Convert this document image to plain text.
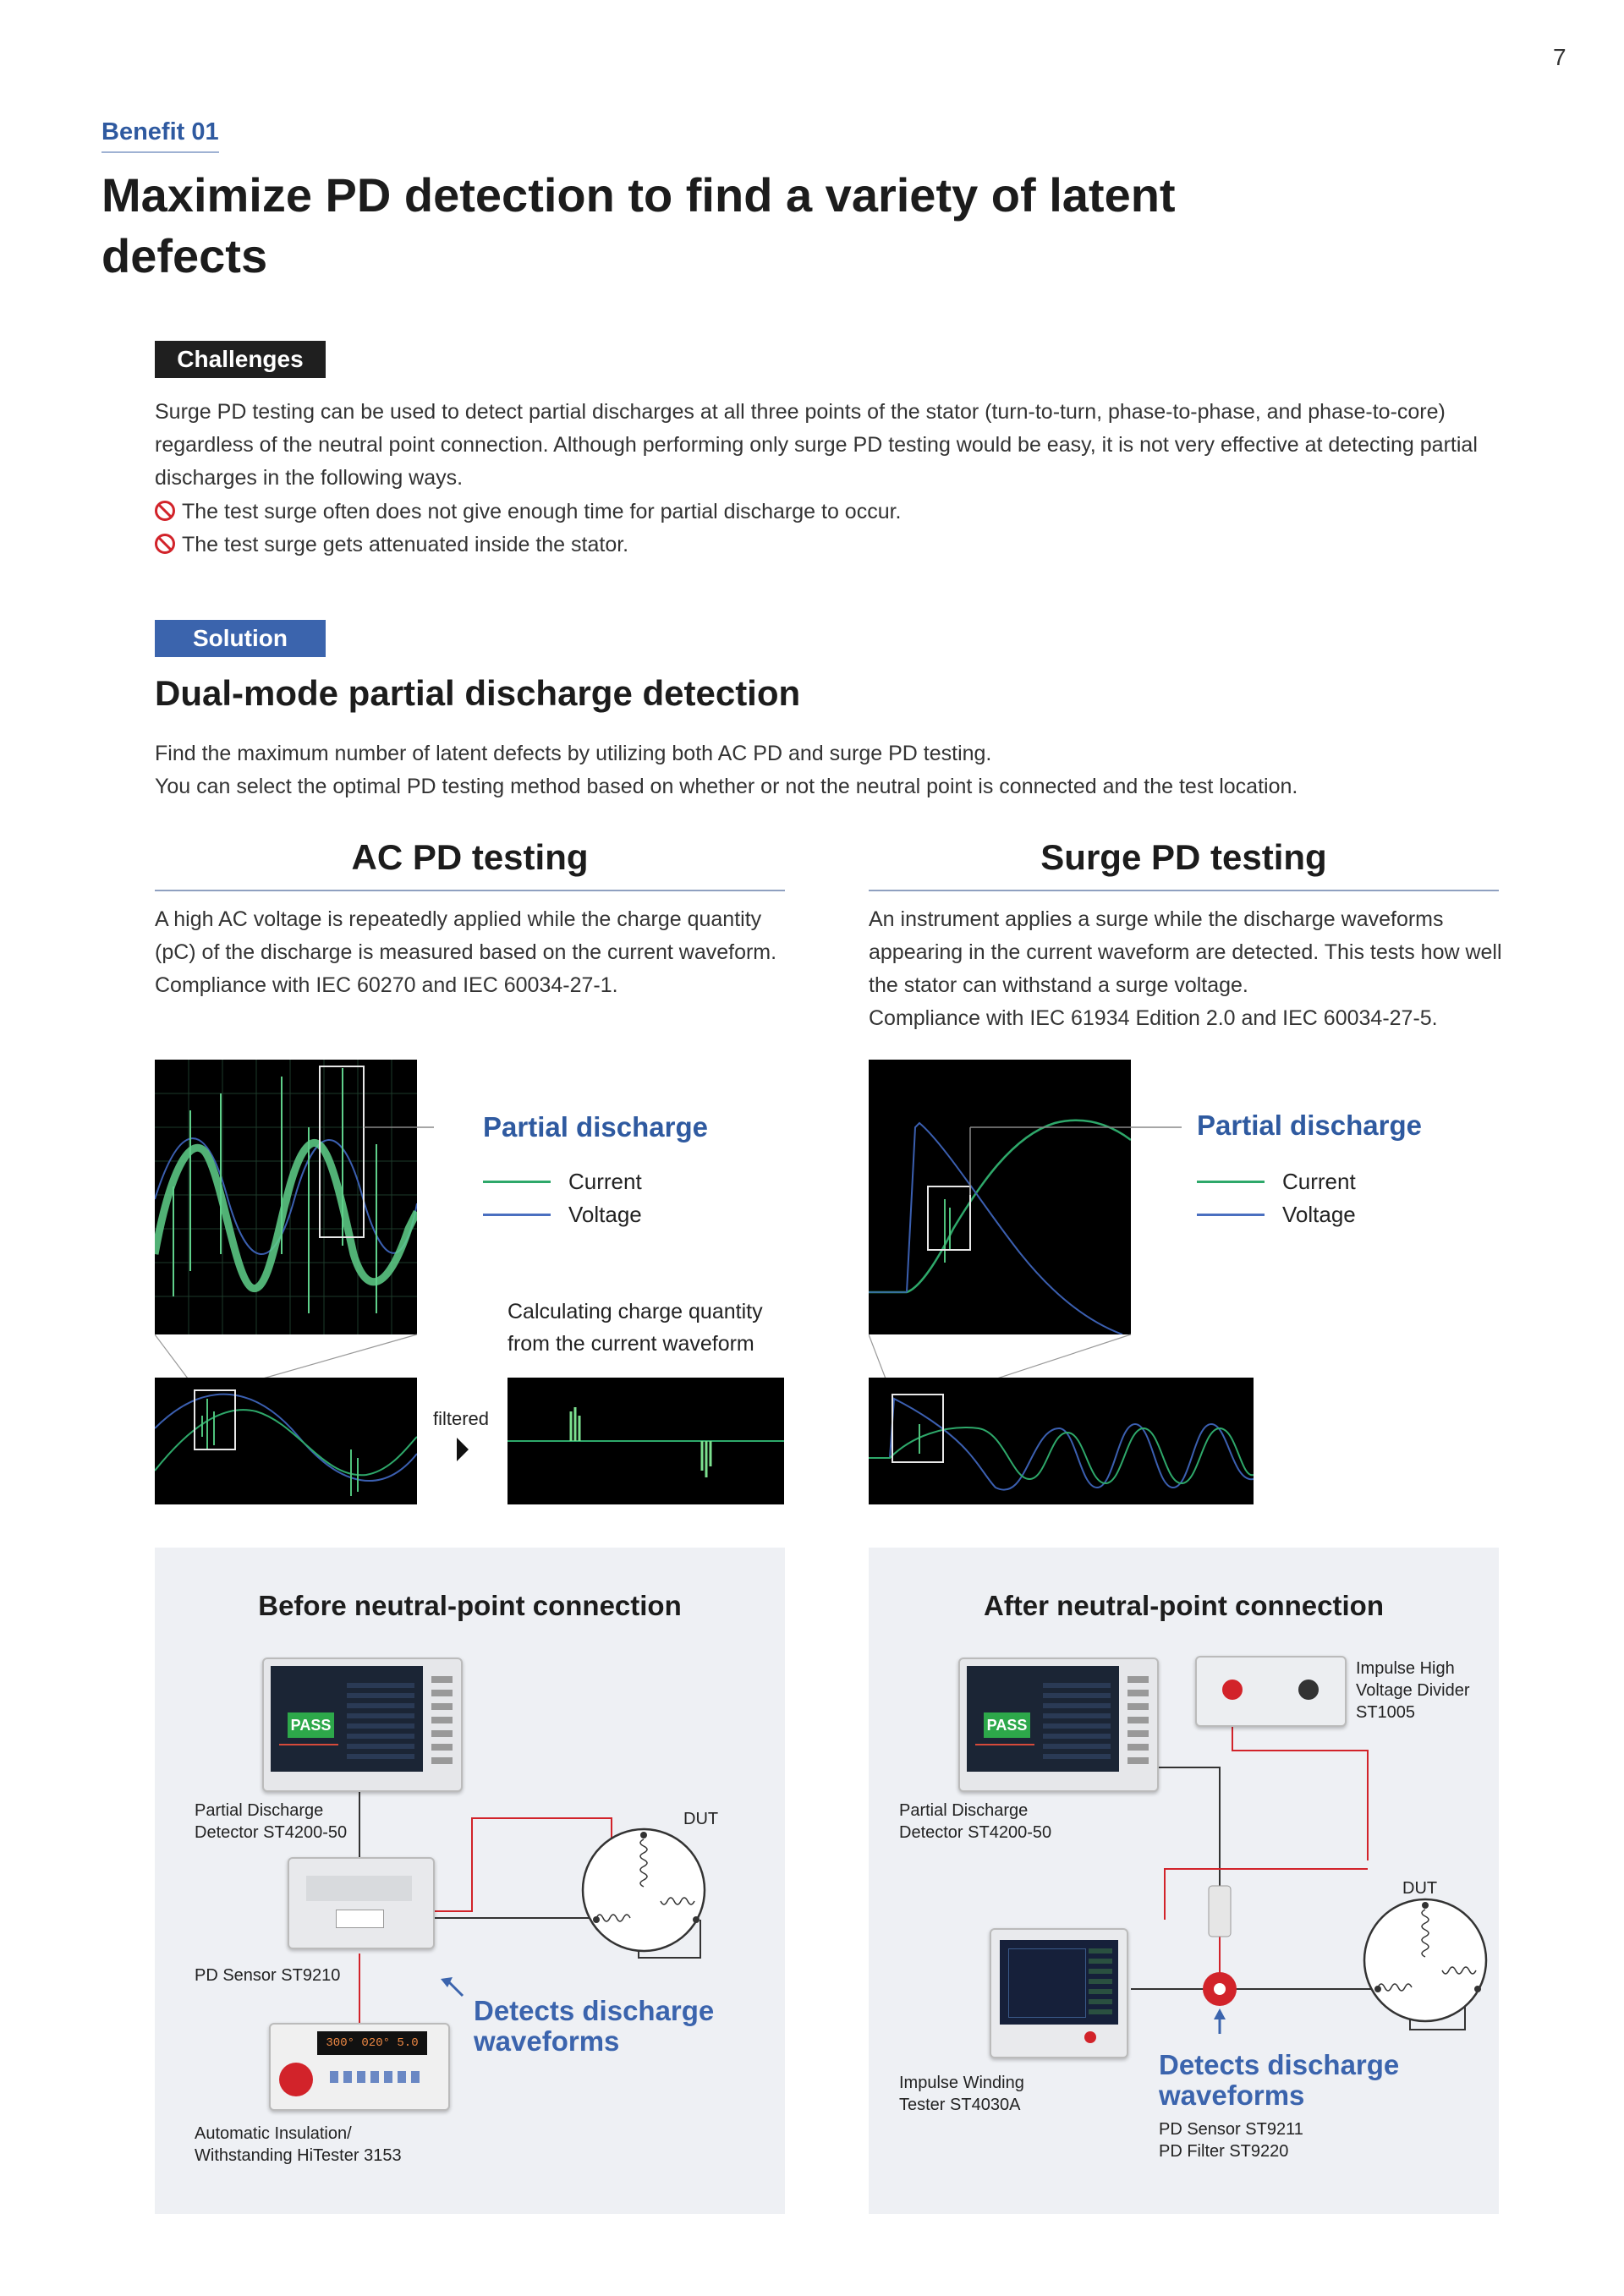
7
Benefit 01
Maximize PD detection to find a variety of latent defects
Challenges
Surge PD testing can be used to detect partial discharges at all three points of the stator (turn-to-turn, phase-to-phase, and phase-to-core) regardless of the neutral point connection. Although performing only surge PD testing would be easy, it is not very effective at detecting partial discharges in the following ways.
The test surge often does not give enough time for partial discharge to occur.
The test surge gets attenuated inside the stator.
Solution
Dual-mode partial discharge detection
Find the maximum number of latent defects by utilizing both AC PD and surge PD testing.
You can select the optimal PD testing method based on whether or not the neutral point is connected and the test location.
AC PD testing
A high AC voltage is repeatedly applied while the charge quantity (pC) of the discharge is measured based on the current waveform.
Compliance with IEC 60270 and IEC 60034-27-1.
Surge PD testing
An instrument applies a surge while the discharge waveforms appearing in the current waveform are detected. This tests how well the stator can withstand a surge voltage.
Compliance with IEC 61934 Edition 2.0 and IEC 60034-27-5.
Partial discharge
Current
Voltage
Calculating charge quantity
from the current waveform
filtered
Partial discharge
Current
Voltage
Before neutral-point connection
PASS
Partial Discharge
Detector ST4200-50
PD Sensor ST9210
300° 020° 5.0
Automatic Insulation/
Withstanding HiTester 3153
DUT
Detects discharge
waveforms
After neutral-point connection
PASS
Partial Discharge
Detector ST4200-50
Impulse High
Voltage Divider
ST1005
Impulse Winding
Tester ST4030A
DUT
Detects discharge
waveforms
PD Sensor ST9211
PD Filter ST9220
